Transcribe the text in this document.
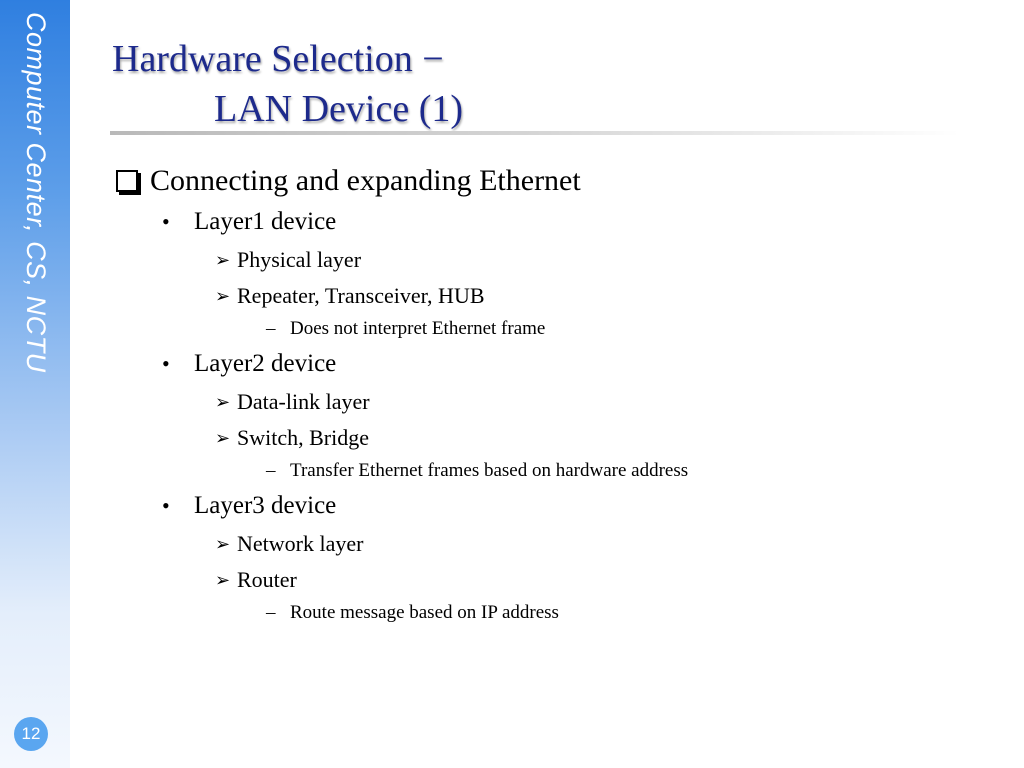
Computer Center, CS, NCTU
12
Hardware Selection −
LAN Device (1)
Connecting and expanding Ethernet
• Layer1 device
➢ Physical layer
➢ Repeater, Transceiver, HUB
– Does not interpret Ethernet frame
• Layer2 device
➢ Data-link layer
➢ Switch, Bridge
– Transfer Ethernet frames based on hardware address
• Layer3 device
➢ Network layer
➢ Router
– Route message based on IP address
